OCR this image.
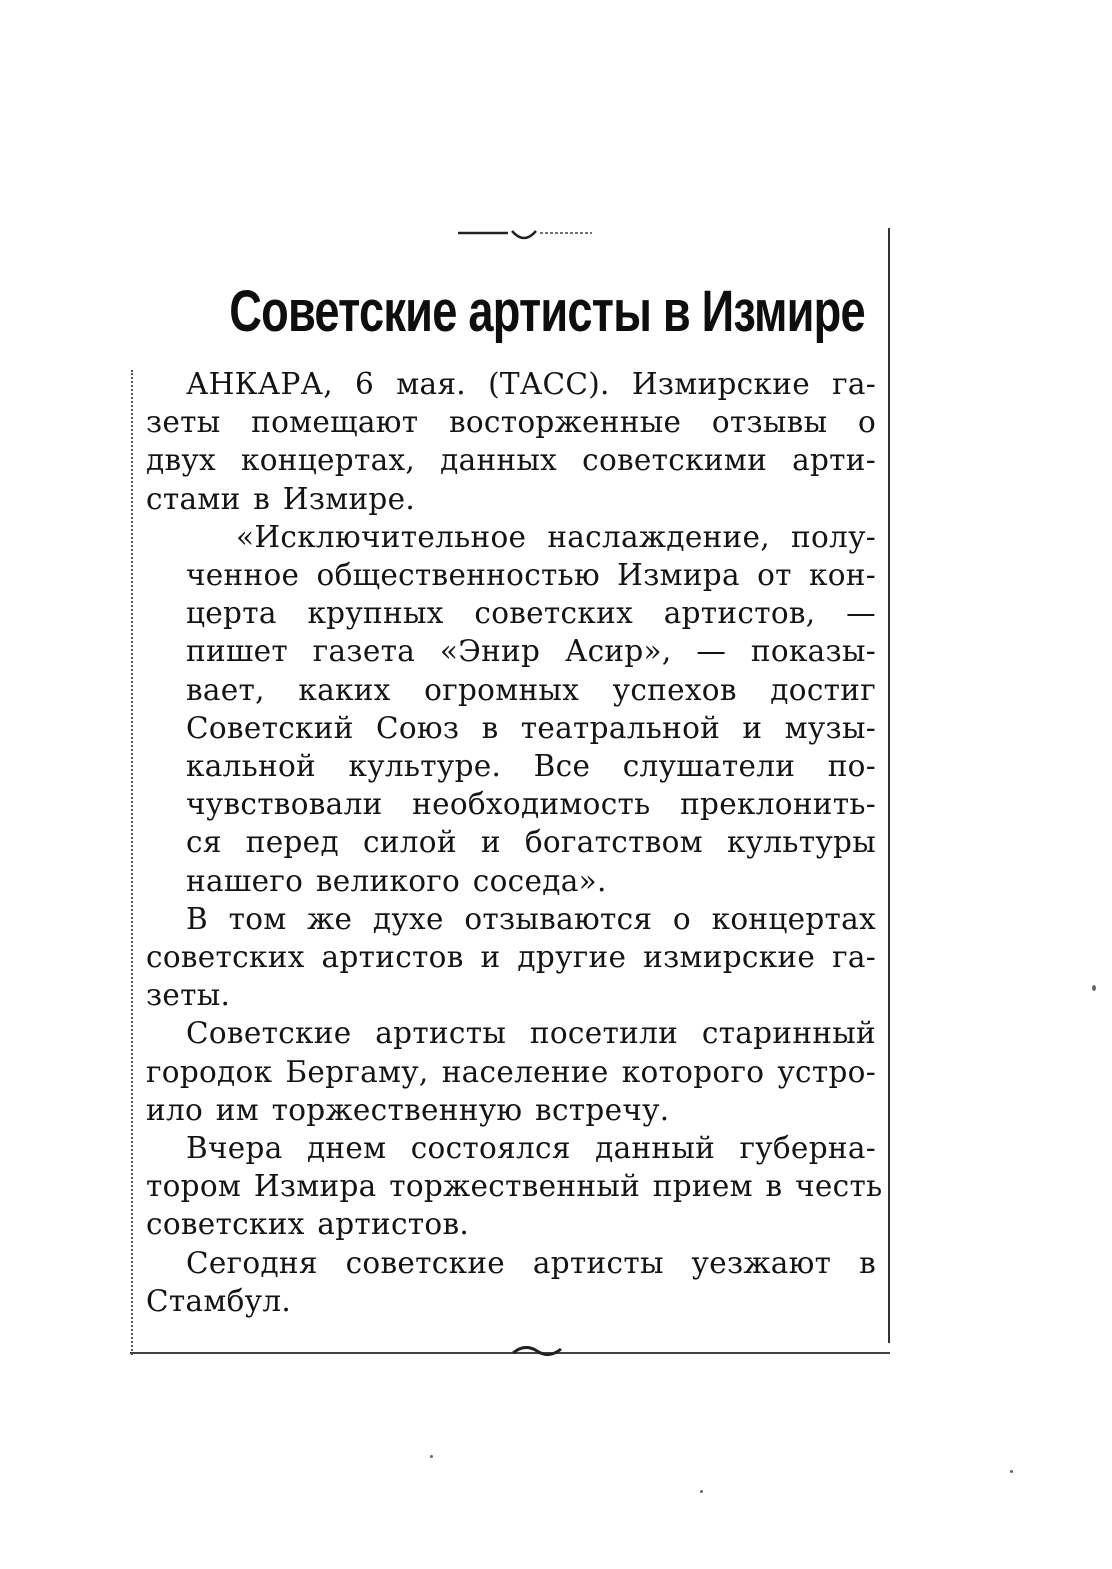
Советские артисты в Измире

АНКАРА, 6 мая. (ТАСС). Измирские га-
зеты помещают восторженные отзывы о
двух концертах, данных советскими арти-
стами в Измире.

«Исключительное наслаждение, полу-
ченное общественностью Измира от кон-
церта крупных советских артистов, —
пишет газета «Энир Асир», — показы-
вает, каких огромных успехов достиг
Советский Союз в театральной и музы-
кальной культуре. Все слушатели по-
чувствовали необходимость преклонить-
ся перед силой и богатством культуры
нашего великого соседа».

В том же духе отзываются о концертах
советских артистов и другие измирские га-
зеты.

Советские артисты посетили старинный
городок Бергаму, население которого устро-
ило им торжественную встречу.

Вчера днем состоялся данный губерна-
тором Измира торжественный прием в честь
советских артистов.

Сегодня советские артисты уезжают в
Стамбул.
